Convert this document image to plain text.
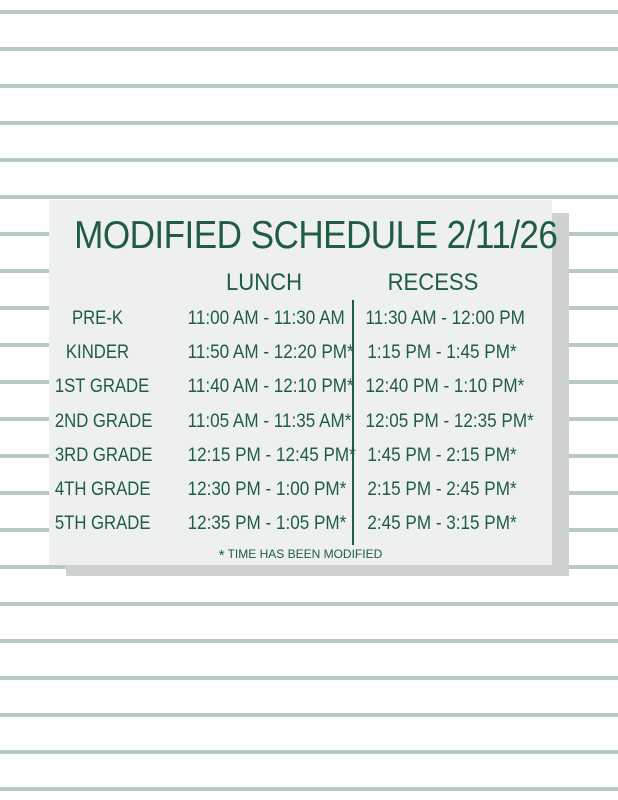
MODIFIED SCHEDULE 2/11/26
LUNCH	RECESS
PRE-K	11:00 AM - 11:30 AM 11:30 AM - 12:00 PM
KINDER	11:50 AM - 12:20 PM* 1:15 PM - 1:45 PM*
1ST GRADE 11:40 AM - 12:10 PM* 12:40 PM - 1:10 PM*
2ND GRADE 11:05 AM - 11:35 AM* 12:05 PM - 12:35 PM*
3RD GRADE 12:15 PM - 12:45 PM* 1:45 PM - 2:15 PM*
4TH GRADE 12:30 PM - 1:00 PM* 2:15 PM - 2:45 PM*
5TH GRADE 12:35 PM - 1:05 PM* 2:45 PM - 3:15 PM*
* TIME HAS BEEN MODIFIED
